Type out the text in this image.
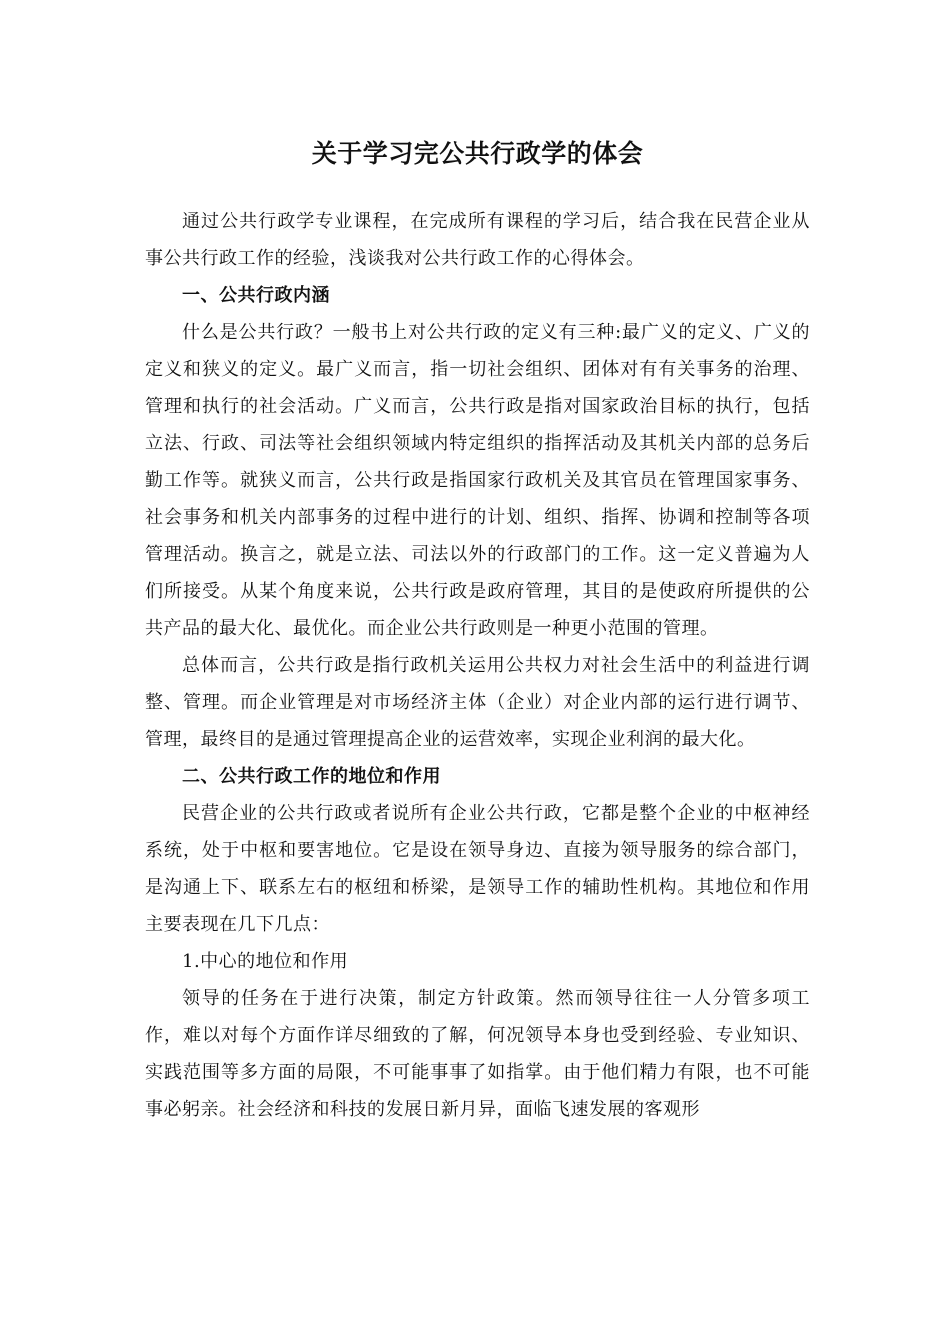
关于学习完公共行政学的体会

通过公共行政学专业课程，在完成所有课程的学习后，结合我在民营企业从事公共行政工作的经验，浅谈我对公共行政工作的心得体会。

一、公共行政内涵

什么是公共行政？一般书上对公共行政的定义有三种:最广义的定义、广义的定义和狭义的定义。最广义而言，指一切社会组织、团体对有有关事务的治理、管理和执行的社会活动。广义而言，公共行政是指对国家政治目标的执行，包括立法、行政、司法等社会组织领域内特定组织的指挥活动及其机关内部的总务后勤工作等。就狭义而言，公共行政是指国家行政机关及其官员在管理国家事务、社会事务和机关内部事务的过程中进行的计划、组织、指挥、协调和控制等各项管理活动。换言之，就是立法、司法以外的行政部门的工作。这一定义普遍为人们所接受。从某个角度来说，公共行政是政府管理，其目的是使政府所提供的公共产品的最大化、最优化。而企业公共行政则是一种更小范围的管理。

总体而言，公共行政是指行政机关运用公共权力对社会生活中的利益进行调整、管理。而企业管理是对市场经济主体（企业）对企业内部的运行进行调节、管理，最终目的是通过管理提高企业的运营效率，实现企业利润的最大化。

二、公共行政工作的地位和作用

民营企业的公共行政或者说所有企业公共行政，它都是整个企业的中枢神经系统，处于中枢和要害地位。它是设在领导身边、直接为领导服务的综合部门，是沟通上下、联系左右的枢纽和桥梁，是领导工作的辅助性机构。其地位和作用主要表现在几下几点：

1.中心的地位和作用

领导的任务在于进行决策，制定方针政策。然而领导往往一人分管多项工作，难以对每个方面作详尽细致的了解，何况领导本身也受到经验、专业知识、实践范围等多方面的局限，不可能事事了如指掌。由于他们精力有限，也不可能事必躬亲。社会经济和科技的发展日新月异，面临飞速发展的客观形
